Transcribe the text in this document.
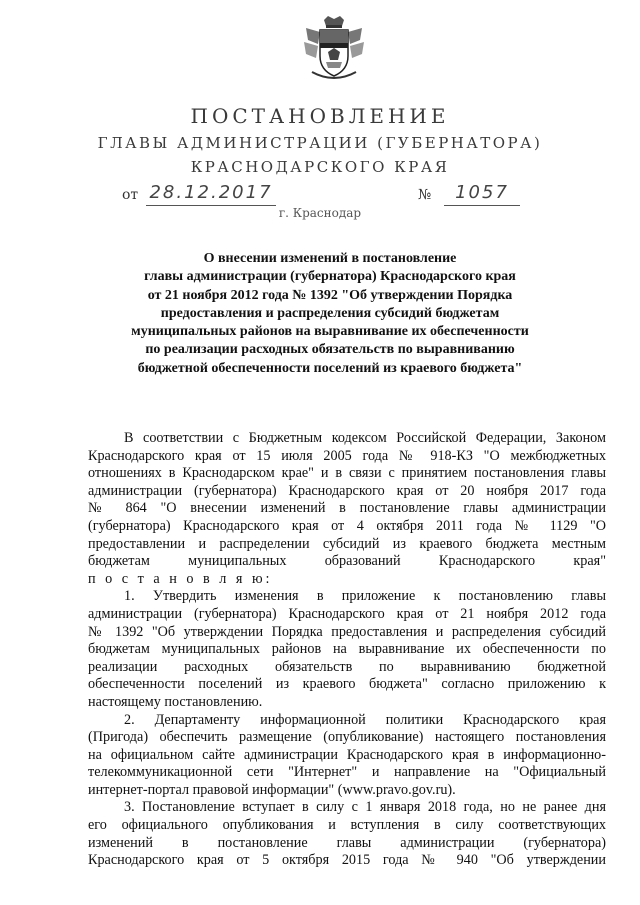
ПОСТАНОВЛЕНИЕ
ГЛАВЫ АДМИНИСТРАЦИИ (ГУБЕРНАТОРА)
КРАСНОДАРСКОГО КРАЯ
от 28.12.2017	№	1057
г. Краснодар
О внесении изменений в постановление
главы администрации (губернатора) Краснодарского края
от 21 ноября 2012 года № 1392 "Об утверждении Порядка
предоставления и распределения субсидий бюджетам
муниципальных районов на выравнивание их обеспеченности
по реализации расходных обязательств по выравниванию
бюджетной обеспеченности поселений из краевого бюджета"
В соответствии с Бюджетным кодексом Российской Федерации, Законом
Краснодарского края от 15 июля 2005 года № 918-КЗ "О межбюджетных
отношениях в Краснодарском крае" и в связи с принятием постановления главы
администрации (губернатора) Краснодарского края от 20 ноября 2017 года
№ 864 "О внесении изменений в постановление главы администрации
(губернатора) Краснодарского края от 4 октября 2011 года № 1129 "О
предоставлении и распределении субсидий из краевого бюджета местным
бюджетам муниципальных образований Краснодарского края"
п о с т а н о в л я ю:
1. Утвердить изменения в приложение к постановлению главы
администрации (губернатора) Краснодарского края от 21 ноября 2012 года
№ 1392 "Об утверждении Порядка предоставления и распределения субсидий
бюджетам муниципальных районов на выравнивание их обеспеченности по
реализации расходных обязательств по выравниванию бюджетной
обеспеченности поселений из краевого бюджета" согласно приложению к
настоящему постановлению.
2. Департаменту информационной политики Краснодарского края
(Пригода) обеспечить размещение (опубликование) настоящего постановления
на официальном сайте администрации Краснодарского края в информационно-
телекоммуникационной сети "Интернет" и направление на "Официальный
интернет-портал правовой информации" (www.pravo.gov.ru).
3. Постановление вступает в силу с 1 января 2018 года, но не ранее дня
его официального опубликования и вступления в силу соответствующих
изменений в постановление главы администрации (губернатора)
Краснодарского края от 5 октября 2015 года № 940 "Об утверждении
